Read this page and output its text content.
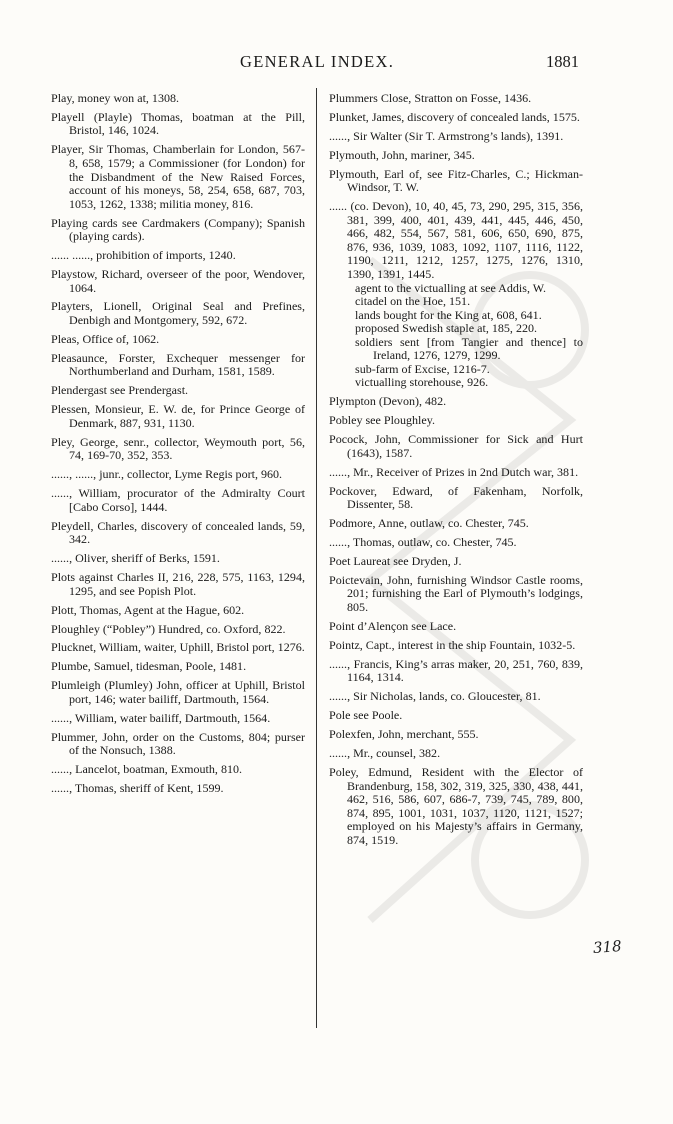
GENERAL INDEX.	1881

Play, money won at, 1308.

Playell (Playle) Thomas, boatman at the Pill, Bristol, 146, 1024.

Player, Sir Thomas, Chamberlain for London, 567-8, 658, 1579; a Commissioner (for London) for the Disbandment of the New Raised Forces, account of his moneys, 58, 254, 658, 687, 703, 1053, 1262, 1338; militia money, 816.

Playing cards see Cardmakers (Company); Spanish (playing cards).

...... ......, prohibition of imports, 1240.

Playstow, Richard, overseer of the poor, Wendover, 1064.

Playters, Lionell, Original Seal and Prefines, Denbigh and Montgomery, 592, 672.

Pleas, Office of, 1062.

Pleasaunce, Forster, Exchequer messenger for Northumberland and Durham, 1581, 1589.

Plendergast see Prendergast.

Plessen, Monsieur, E. W. de, for Prince George of Denmark, 887, 931, 1130.

Pley, George, senr., collector, Weymouth port, 56, 74, 169-70, 352, 353.

......, ......, junr., collector, Lyme Regis port, 960.

......, William, procurator of the Admiralty Court [Cabo Corso], 1444.

Pleydell, Charles, discovery of concealed lands, 59, 342.

......, Oliver, sheriff of Berks, 1591.

Plots against Charles II, 216, 228, 575, 1163, 1294, 1295, and see Popish Plot.

Plott, Thomas, Agent at the Hague, 602.

Ploughley (“Pobley”) Hundred, co. Oxford, 822.

Plucknet, William, waiter, Uphill, Bristol port, 1276.

Plumbe, Samuel, tidesman, Poole, 1481.

Plumleigh (Plumley) John, officer at Uphill, Bristol port, 146; water bailiff, Dartmouth, 1564.

......, William, water bailiff, Dartmouth, 1564.

Plummer, John, order on the Customs, 804; purser of the Nonsuch, 1388.

......, Lancelot, boatman, Exmouth, 810.

......, Thomas, sheriff of Kent, 1599.

Plummers Close, Stratton on Fosse, 1436.

Plunket, James, discovery of concealed lands, 1575.

......, Sir Walter (Sir T. Armstrong’s lands), 1391.

Plymouth, John, mariner, 345.

Plymouth, Earl of, see Fitz-Charles, C.; Hickman-Windsor, T. W.

...... (co. Devon), 10, 40, 45, 73, 290, 295, 315, 356, 381, 399, 400, 401, 439, 441, 445, 446, 450, 466, 482, 554, 567, 581, 606, 650, 690, 875, 876, 936, 1039, 1083, 1092, 1107, 1116, 1122, 1190, 1211, 1212, 1257, 1275, 1276, 1310, 1390, 1391, 1445.

agent to the victualling at see Addis, W.

citadel on the Hoe, 151.

lands bought for the King at, 608, 641.

proposed Swedish staple at, 185, 220.

soldiers sent [from Tangier and thence] to Ireland, 1276, 1279, 1299.

sub-farm of Excise, 1216-7.

victualling storehouse, 926.

Plympton (Devon), 482.

Pobley see Ploughley.

Pocock, John, Commissioner for Sick and Hurt (1643), 1587.

......, Mr., Receiver of Prizes in 2nd Dutch war, 381.

Pockover, Edward, of Fakenham, Norfolk, Dissenter, 58.

Podmore, Anne, outlaw, co. Chester, 745.

......, Thomas, outlaw, co. Chester, 745.

Poet Laureat see Dryden, J.

Poictevain, John, furnishing Windsor Castle rooms, 201; furnishing the Earl of Plymouth’s lodgings, 805.

Point d’Alençon see Lace.

Pointz, Capt., interest in the ship Fountain, 1032-5.

......, Francis, King’s arras maker, 20, 251, 760, 839, 1164, 1314.

......, Sir Nicholas, lands, co. Gloucester, 81.

Pole see Poole.

Polexfen, John, merchant, 555.

......, Mr., counsel, 382.

Poley, Edmund, Resident with the Elector of Brandenburg, 158, 302, 319, 325, 330, 438, 441, 462, 516, 586, 607, 686-7, 739, 745, 789, 800, 874, 895, 1001, 1031, 1037, 1120, 1121, 1527; employed on his Majesty’s affairs in Germany, 874, 1519.

318
